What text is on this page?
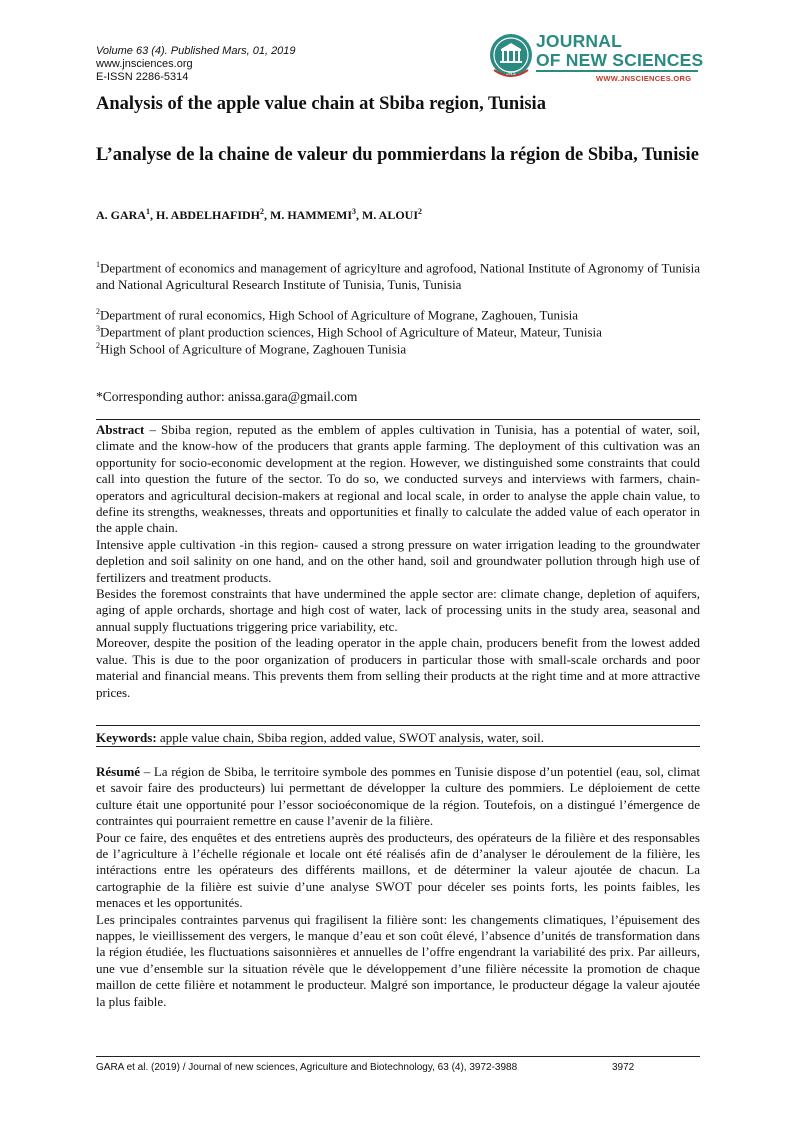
Volume 63 (4). Published Mars, 01, 2019
www.jnsciences.org
E-ISSN 2286-5314	JNS
JOURNAL
OF NEW SCIENCES
WWW.JNSCIENCES.ORG
Analysis of the apple value chain at Sbiba region, Tunisia
L’analyse de la chaine de valeur du pommierdans la région de Sbiba, Tunisie
A. GARA$^1$, H. ABDELHAFIDH$^2$, M. HAMMEMI$^3$, M. ALOUI$^2$
$^1$Department of economics and management of agricylture and agrofood, National Institute of Agronomy of Tunisia and National Agricultural Research Institute of Tunisia, Tunis, Tunisia
$^2$Department of rural economics, High School of Agriculture of Mograne, Zaghouen, Tunisia
$^3$Department of plant production sciences, High School of Agriculture of Mateur, Mateur, Tunisia
$^2$High School of Agriculture of Mograne, Zaghouen Tunisia
*Corresponding author: anissa.gara@gmail.com

Abstract – Sbiba region, reputed as the emblem of apples cultivation in Tunisia, has a potential of water, soil, climate and the know-how of the producers that grants apple farming. The deployment of this cultivation was an opportunity for socio-economic development at the region. However, we distinguished some constraints that could call into question the future of the sector. To do so, we conducted surveys and interviews with farmers, chain-operators and agricultural decision-makers at regional and local scale, in order to analyse the apple chain value, to define its strengths, weaknesses, threats and opportunities et finally to calculate the added value of each operator in the apple chain.

Intensive apple cultivation -in this region- caused a strong pressure on water irrigation leading to the groundwater depletion and soil salinity on one hand, and on the other hand, soil and groundwater pollution through high use of fertilizers and treatment products.

Besides the foremost constraints that have undermined the apple sector are: climate change, depletion of aquifers, aging of apple orchards, shortage and high cost of water, lack of processing units in the study area, seasonal and annual supply fluctuations triggering price variability, etc.

Moreover, despite the position of the leading operator in the apple chain, producers benefit from the lowest added value. This is due to the poor organization of producers in particular those with small-scale orchards and poor material and financial means. This prevents them from selling their products at the right time and at more attractive prices.

Keywords: apple value chain, Sbiba region, added value, SWOT analysis, water, soil.

Résumé – La région de Sbiba, le territoire symbole des pommes en Tunisie dispose d’un potentiel (eau, sol, climat et savoir faire des producteurs) lui permettant de développer la culture des pommiers. Le déploiement de cette culture était une opportunité pour l’essor socioéconomique de la région. Toutefois, on a distingué l’émergence de contraintes qui pourraient remettre en cause l’avenir de la filière.

Pour ce faire, des enquêtes et des entretiens auprès des producteurs, des opérateurs de la filière et des responsables de l’agriculture à l’échelle régionale et locale ont été réalisés afin de d’analyser le déroulement de la filière, les intéractions entre les opérateurs des différents maillons, et de déterminer la valeur ajoutée de chacun. La cartographie de la filière est suivie d’une analyse SWOT pour déceler ses points forts, les points faibles, les menaces et les opportunités.

Les principales contraintes parvenus qui fragilisent la filière sont: les changements climatiques, l’épuisement des nappes, le vieillissement des vergers, le manque d’eau et son coût élevé, l’absence d’unités de transformation dans la région étudiée, les fluctuations saisonnières et annuelles de l’offre engendrant la variabilité des prix. Par ailleurs, une vue d’ensemble sur la situation révèle que le développement d’une filière nécessite la promotion de chaque maillon de cette filière et notamment le producteur. Malgré son importance, le producteur dégage la valeur ajoutée la plus faible.

GARA et al. (2019) / Journal of new sciences, Agriculture and Biotechnology, 63 (4), 3972-3988	3972
